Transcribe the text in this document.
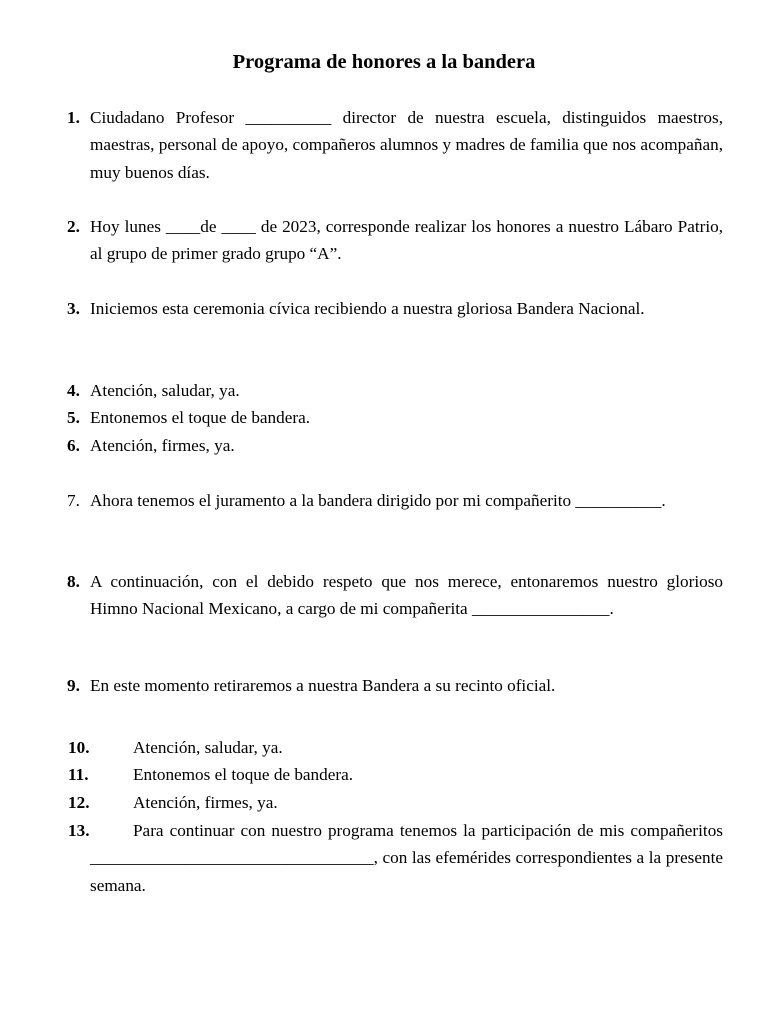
Programa de honores a la bandera
1. Ciudadano Profesor __________ director de nuestra escuela, distinguidos maestros, maestras, personal de apoyo, compañeros alumnos y madres de familia que nos acompañan, muy buenos días.
2. Hoy lunes ____de ____ de 2023, corresponde realizar los honores a nuestro Lábaro Patrio, al grupo de primer grado grupo “A”.
3. Iniciemos esta ceremonia cívica recibiendo a nuestra gloriosa Bandera Nacional.
4. Atención, saludar, ya.
5. Entonemos el toque de bandera.
6. Atención, firmes, ya.
7. Ahora tenemos el juramento a la bandera dirigido por mi compañerito __________.
8. A continuación, con el debido respeto que nos merece, entonaremos nuestro glorioso Himno Nacional Mexicano, a cargo de mi compañerita ________________.
9. En este momento retiraremos a nuestra Bandera a su recinto oficial.
10.	Atención, saludar, ya.
11.	Entonemos el toque de bandera.
12.	Atención, firmes, ya.
13.	Para continuar con nuestro programa tenemos la participación de mis compañeritos _________________________________, con las efemérides correspondientes a la presente semana.
